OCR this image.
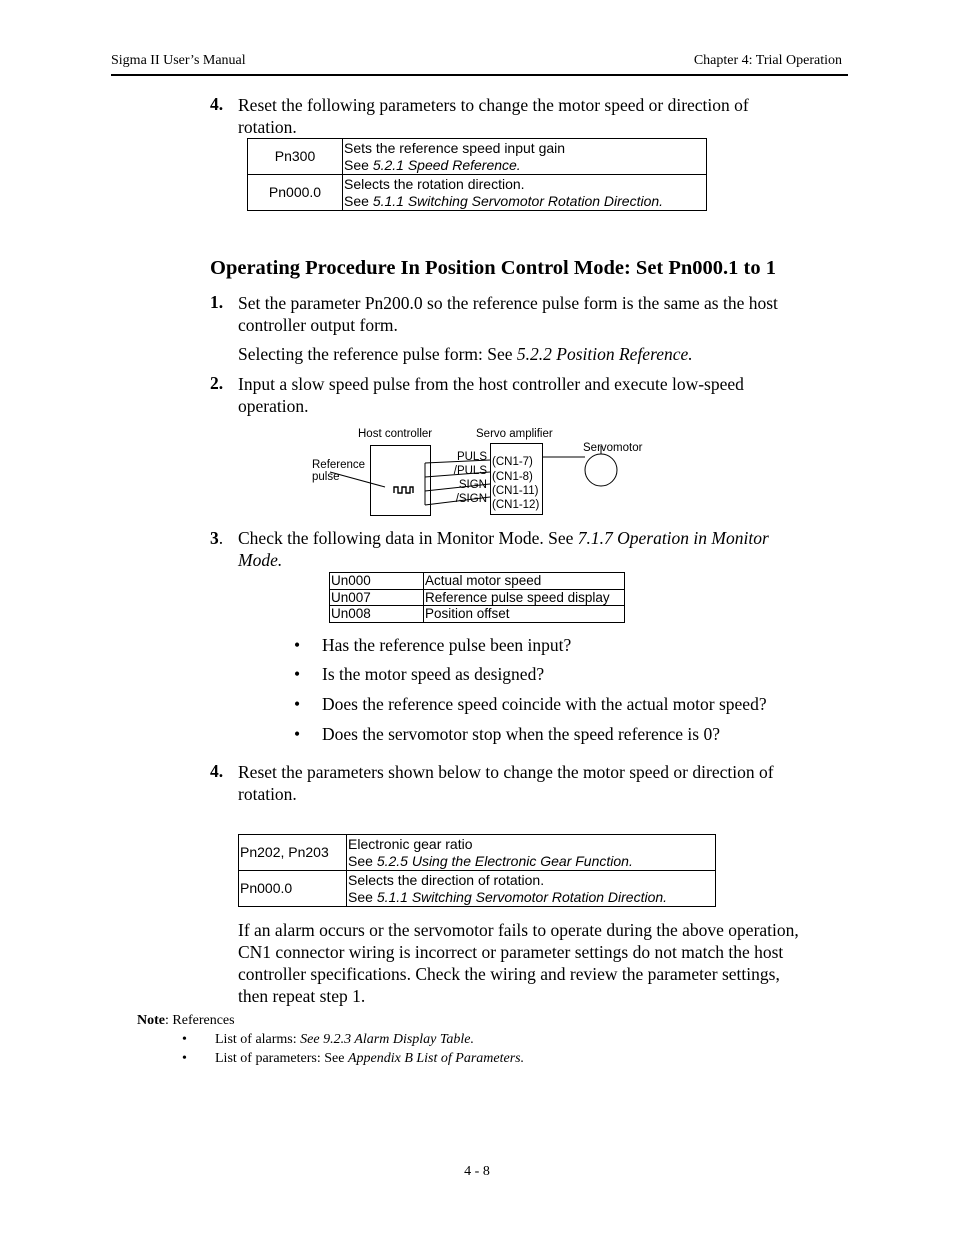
Sigma II User’s Manual	Chapter 4: Trial Operation
4. Reset the following parameters to change the motor speed or direction of
rotation.
Pn300	Sets the reference speed input gain
See 5.2.1 Speed Reference.

Pn000.0	Selects the rotation direction.
See 5.1.1 Switching Servomotor Rotation Direction.
Operating Procedure In Position Control Mode: Set Pn000.1 to 1
1. Set the parameter Pn200.0 so the reference pulse form is the same as the host
controller output form.
Selecting the reference pulse form: See 5.2.2 Position Reference.
2. Input a slow speed pulse from the host controller and execute low-speed
operation.
Host controller	Servo amplifier
Servomotor
Reference
pulse
PULS
/PULS
SIGN
/SIGN
(CN1-7)
(CN1-8)
(CN1-11)
(CN1-12)
3. Check the following data in Monitor Mode. See 7.1.7 Operation in Monitor
Mode.
Un000	Actual motor speed
Un007	Reference pulse speed display
Un008	Position offset
• Has the reference pulse been input?
• Is the motor speed as designed?
• Does the reference speed coincide with the actual motor speed?
• Does the servomotor stop when the speed reference is 0?
4. Reset the parameters shown below to change the motor speed or direction of
rotation.
Pn202, Pn203	Electronic gear ratio
See 5.2.5 Using the Electronic Gear Function.

Pn000.0	Selects the direction of rotation.
See 5.1.1 Switching Servomotor Rotation Direction.
If an alarm occurs or the servomotor fails to operate during the above operation,
CN1 connector wiring is incorrect or parameter settings do not match the host
controller specifications. Check the wiring and review the parameter settings,
then repeat step 1.
Note: References
• List of alarms: See 9.2.3 Alarm Display Table.
• List of parameters: See Appendix B List of Parameters.
4 - 8
